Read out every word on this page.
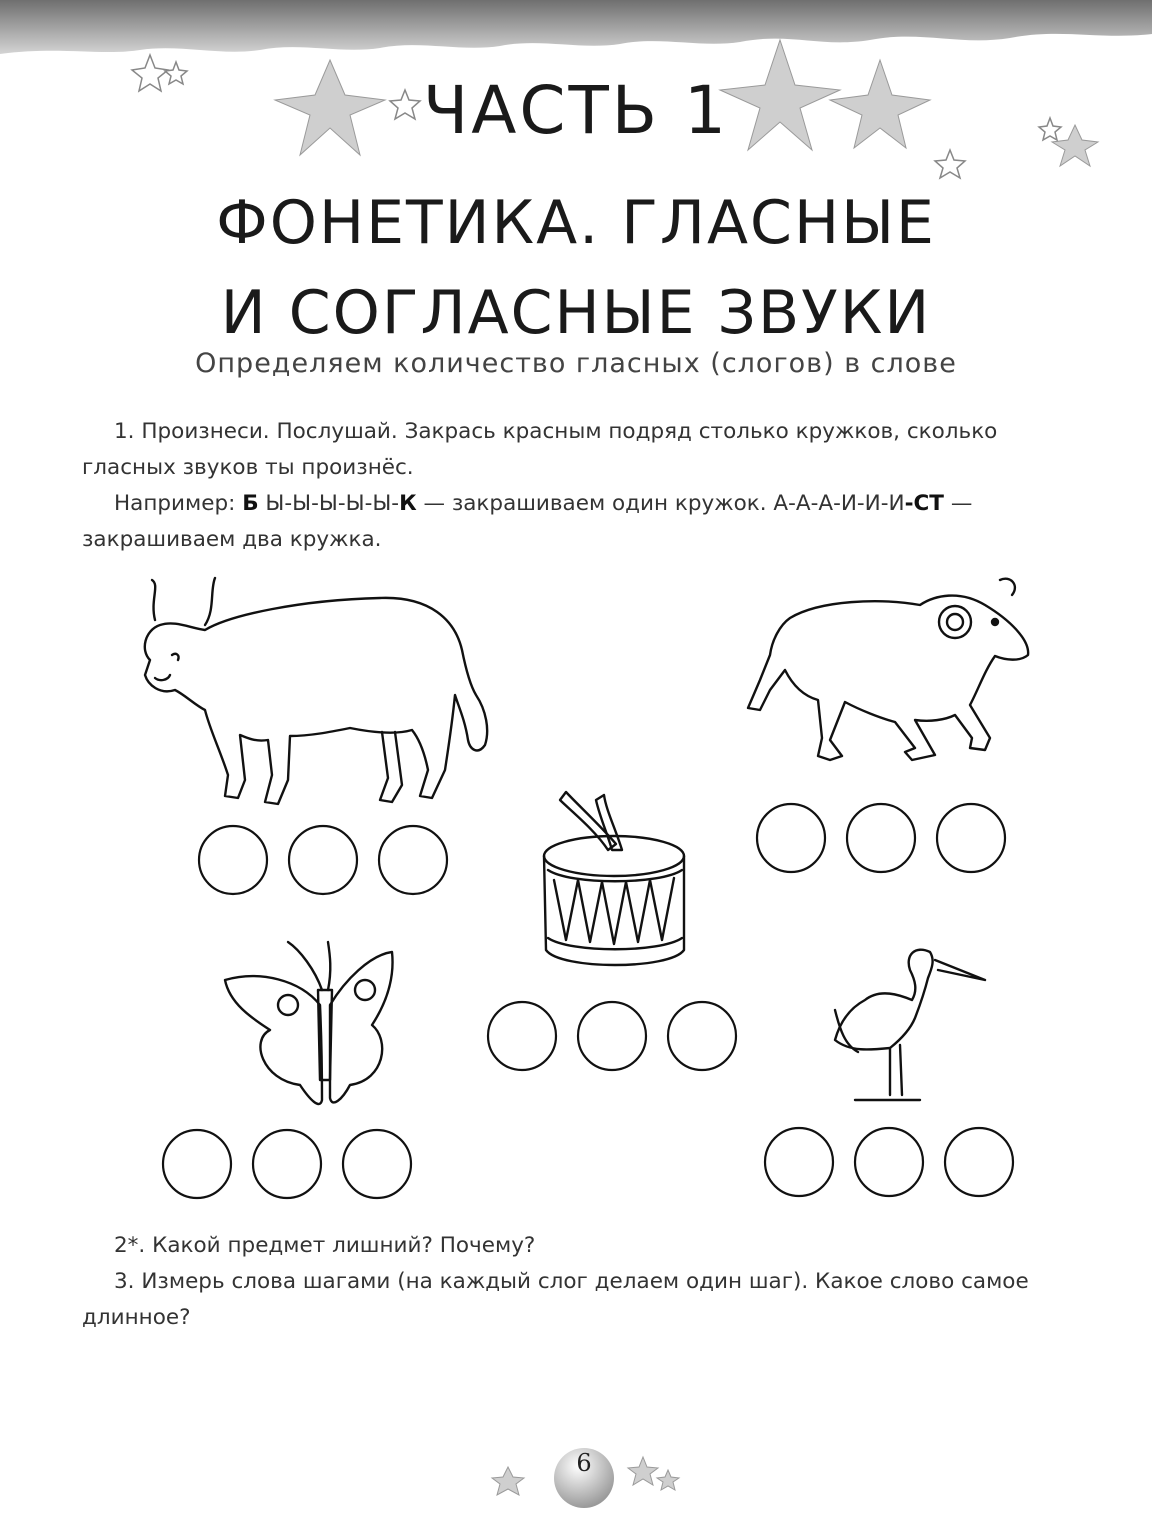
ЧАСТЬ 1
ФОНЕТИКА. ГЛАСНЫЕ
И СОГЛАСНЫЕ ЗВУКИ
Определяем количество гласных (слогов) в слове

1. Произнеси. Послушай. Закрась красным подряд столько кружков, сколько гласных звуков ты произнёс.

Например: Б Ы-Ы-Ы-Ы-Ы-К — закрашиваем один кружок. А-А-А-И-И-И-СТ — закрашиваем два кружка.

2*. Какой предмет лишний? Почему?

3. Измерь слова шагами (на каждый слог делаем один шаг). Какое слово самое длинное?

6
